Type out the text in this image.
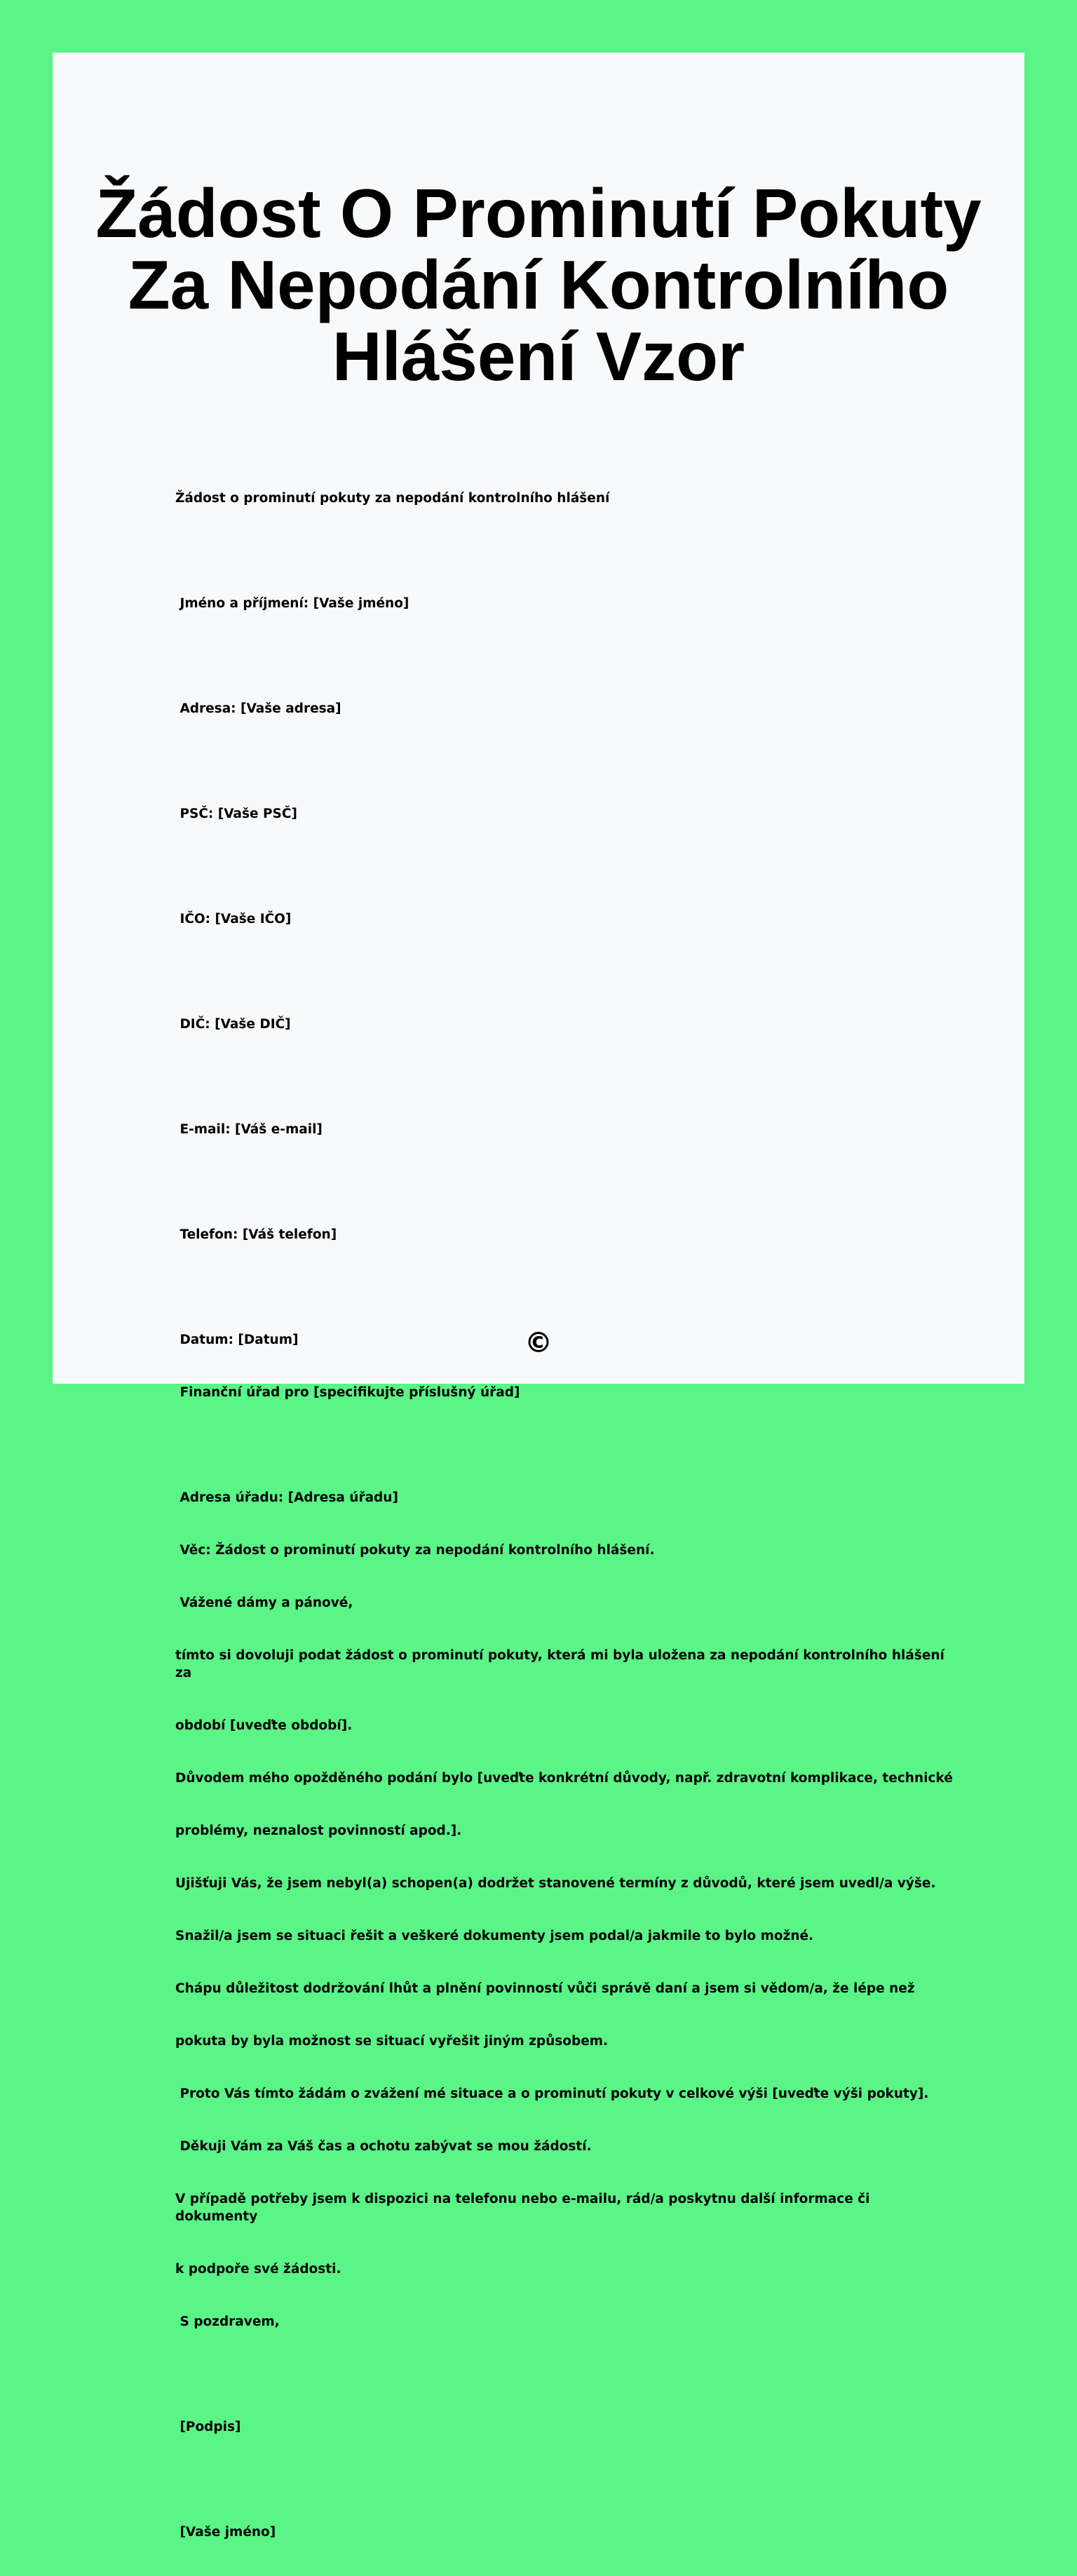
Žádost O Prominutí Pokuty Za Nepodání Kontrolního Hlášení Vzor

Žádost o prominutí pokuty za nepodání kontrolního hlášení

Jméno a příjmení: [Vaše jméno]

Adresa: [Vaše adresa]

PSČ: [Vaše PSČ]

IČO: [Vaše IČO]

DIČ: [Vaše DIČ]

E-mail: [Váš e-mail]

Telefon: [Váš telefon]

Datum: [Datum]

Finanční úřad pro [specifikujte příslušný úřad]

Adresa úřadu: [Adresa úřadu]

Věc: Žádost o prominutí pokuty za nepodání kontrolního hlášení.

Vážené dámy a pánové,

tímto si dovoluji podat žádost o prominutí pokuty, která mi byla uložena za nepodání kontrolního hlášení za

období [uveďte období].

Důvodem mého opožděného podání bylo [uveďte konkrétní důvody, např. zdravotní komplikace, technické

problémy, neznalost povinností apod.].

Ujišťuji Vás, že jsem nebyl(a) schopen(a) dodržet stanovené termíny z důvodů, které jsem uvedl/a výše.

Snažil/a jsem se situaci řešit a veškeré dokumenty jsem podal/a jakmile to bylo možné.

Chápu důležitost dodržování lhůt a plnění povinností vůči správě daní a jsem si vědom/a, že lépe než

pokuta by byla možnost se situací vyřešit jiným způsobem.

Proto Vás tímto žádám o zvážení mé situace a o prominutí pokuty v celkové výši [uveďte výši pokuty].

Děkuji Vám za Váš čas a ochotu zabývat se mou žádostí.

V případě potřeby jsem k dispozici na telefonu nebo e-mailu, rád/a poskytnu další informace či dokumenty

k podpoře své žádosti.

S pozdravem,

[Podpis]

[Vaše jméno]

©
